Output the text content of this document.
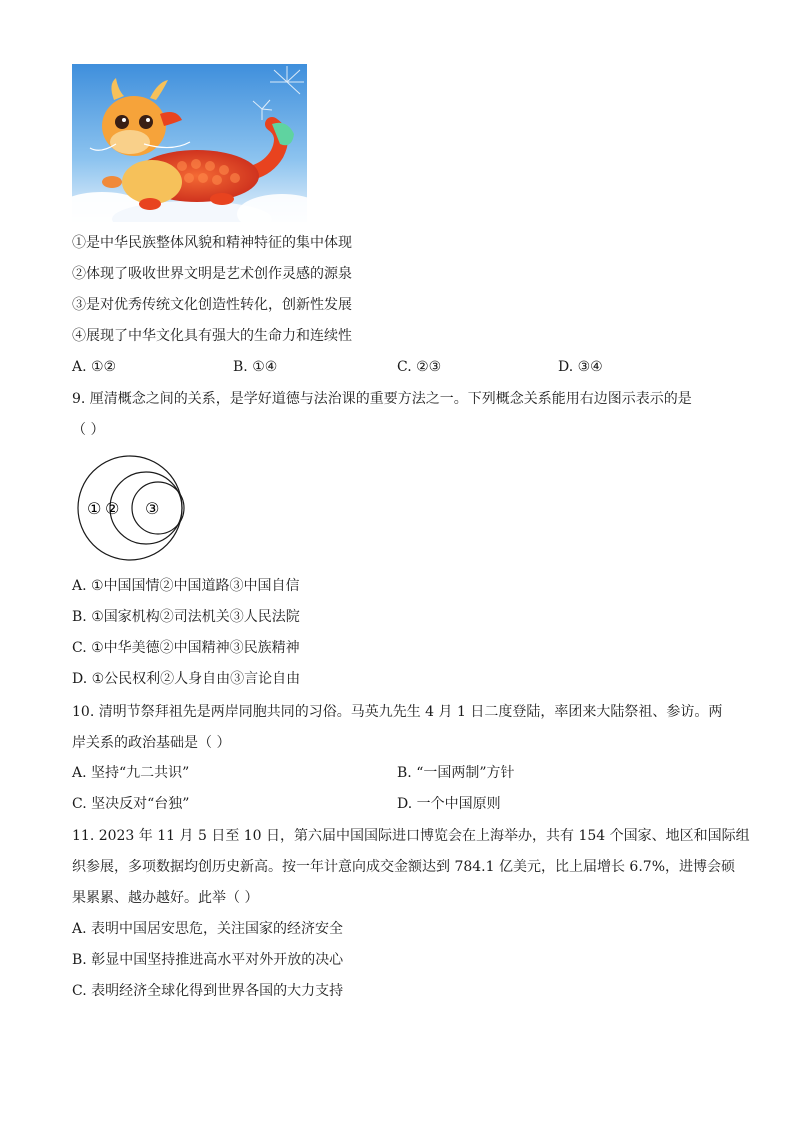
①是中华民族整体风貌和精神特征的集中体现
②体现了吸收世界文明是艺术创作灵感的源泉
③是对优秀传统文化创造性转化，创新性发展
④展现了中华文化具有强大的生命力和连续性
A. ①②	B. ①④	C. ②③	D. ③④
9. 厘清概念之间的关系，是学好道德与法治课的重要方法之一。下列概念关系能用右边图示表示的是
（ ）
① ② ③
A. ①中国国情②中国道路③中国自信
B. ①国家机构②司法机关③人民法院
C. ①中华美德②中国精神③民族精神
D. ①公民权利②人身自由③言论自由
10. 清明节祭拜祖先是两岸同胞共同的习俗。马英九先生 4 月 1 日二度登陆，率团来大陆祭祖、参访。两
岸关系的政治基础是（ ）
A. 坚持“九二共识”	B. “一国两制”方针
C. 坚决反对“台独”	D. 一个中国原则
11. 2023 年 11 月 5 日至 10 日，第六届中国国际进口博览会在上海举办，共有 154 个国家、地区和国际组
织参展，多项数据均创历史新高。按一年计意向成交金额达到 784.1 亿美元，比上届增长 6.7%，进博会硕
果累累、越办越好。此举（ ）
A. 表明中国居安思危，关注国家的经济安全
B. 彰显中国坚持推进高水平对外开放的决心
C. 表明经济全球化得到世界各国的大力支持
